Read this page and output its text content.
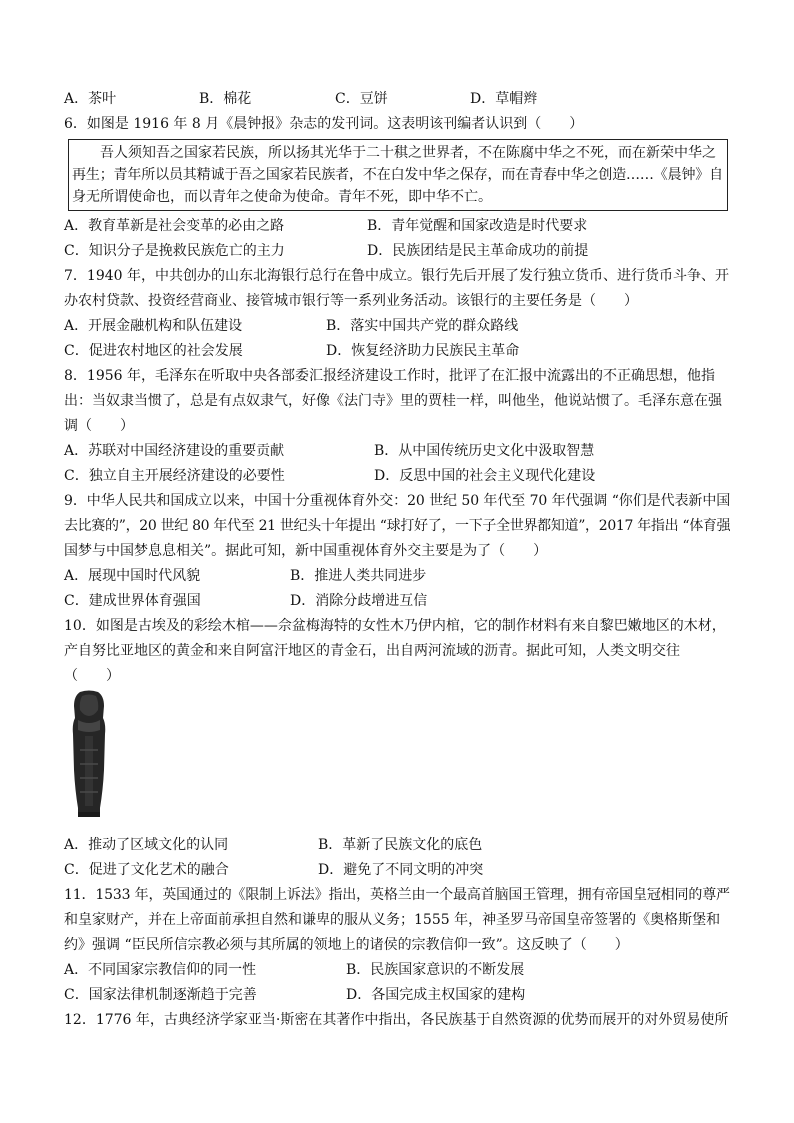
A．茶叶	B．棉花	C．豆饼	D．草帽辫
6．如图是 1916 年 8 月《晨钟报》杂志的发刊词。这表明该刊编者认识到（　　）
吾人须知吾之国家若民族，所以扬其光华于二十稘之世界者，不在陈腐中华之不死，而在新荣中华之
再生；青年所以员其精诚于吾之国家若民族者，不在白发中华之保存，而在青春中华之创造……《晨钟》自
身无所谓使命也，而以青年之使命为使命。青年不死，即中华不亡。
A．教育革新是社会变革的必由之路	B．青年觉醒和国家改造是时代要求
C．知识分子是挽救民族危亡的主力	D．民族团结是民主革命成功的前提
7．1940 年，中共创办的山东北海银行总行在鲁中成立。银行先后开展了发行独立货币、进行货币斗争、开
办农村贷款、投资经营商业、接管城市银行等一系列业务活动。该银行的主要任务是（　　）
A．开展金融机构和队伍建设	B．落实中国共产党的群众路线
C．促进农村地区的社会发展	D．恢复经济助力民族民主革命
8．1956 年，毛泽东在听取中央各部委汇报经济建设工作时，批评了在汇报中流露出的不正确思想，他指
出：当奴隶当惯了，总是有点奴隶气，好像《法门寺》里的贾桂一样，叫他坐，他说站惯了。毛泽东意在强
调（　　）
A．苏联对中国经济建设的重要贡献	B．从中国传统历史文化中汲取智慧
C．独立自主开展经济建设的必要性	D．反思中国的社会主义现代化建设
9．中华人民共和国成立以来，中国十分重视体育外交：20 世纪 50 年代至 70 年代强调 “你们是代表新中国
去比赛的”，20 世纪 80 年代至 21 世纪头十年提出 “球打好了，一下子全世界都知道”，2017 年指出 “体育强
国梦与中国梦息息相关”。据此可知，新中国重视体育外交主要是为了（　　）
A．展现中国时代风貌	B．推进人类共同进步
C．建成世界体育强国	D．消除分歧增进互信
10．如图是古埃及的彩绘木棺——佘盆梅海特的女性木乃伊内棺，它的制作材料有来自黎巴嫩地区的木材，
产自努比亚地区的黄金和来自阿富汗地区的青金石，出自两河流域的沥青。据此可知，人类文明交往
（　　）
A．推动了区域文化的认同	B．革新了民族文化的底色
C．促进了文化艺术的融合	D．避免了不同文明的冲突
11．1533 年，英国通过的《限制上诉法》指出，英格兰由一个最高首脑国王管理，拥有帝国皇冠相同的尊严
和皇家财产，并在上帝面前承担自然和谦卑的服从义务；1555 年，神圣罗马帝国皇帝签署的《奥格斯堡和
约》强调 “臣民所信宗教必须与其所属的领地上的诸侯的宗教信仰一致”。这反映了（　　）
A．不同国家宗教信仰的同一性	B．民族国家意识的不断发展
C．国家法律机制逐渐趋于完善	D．各国完成主权国家的建构
12．1776 年，古典经济学家亚当·斯密在其著作中指出，各民族基于自然资源的优势而展开的对外贸易使所
